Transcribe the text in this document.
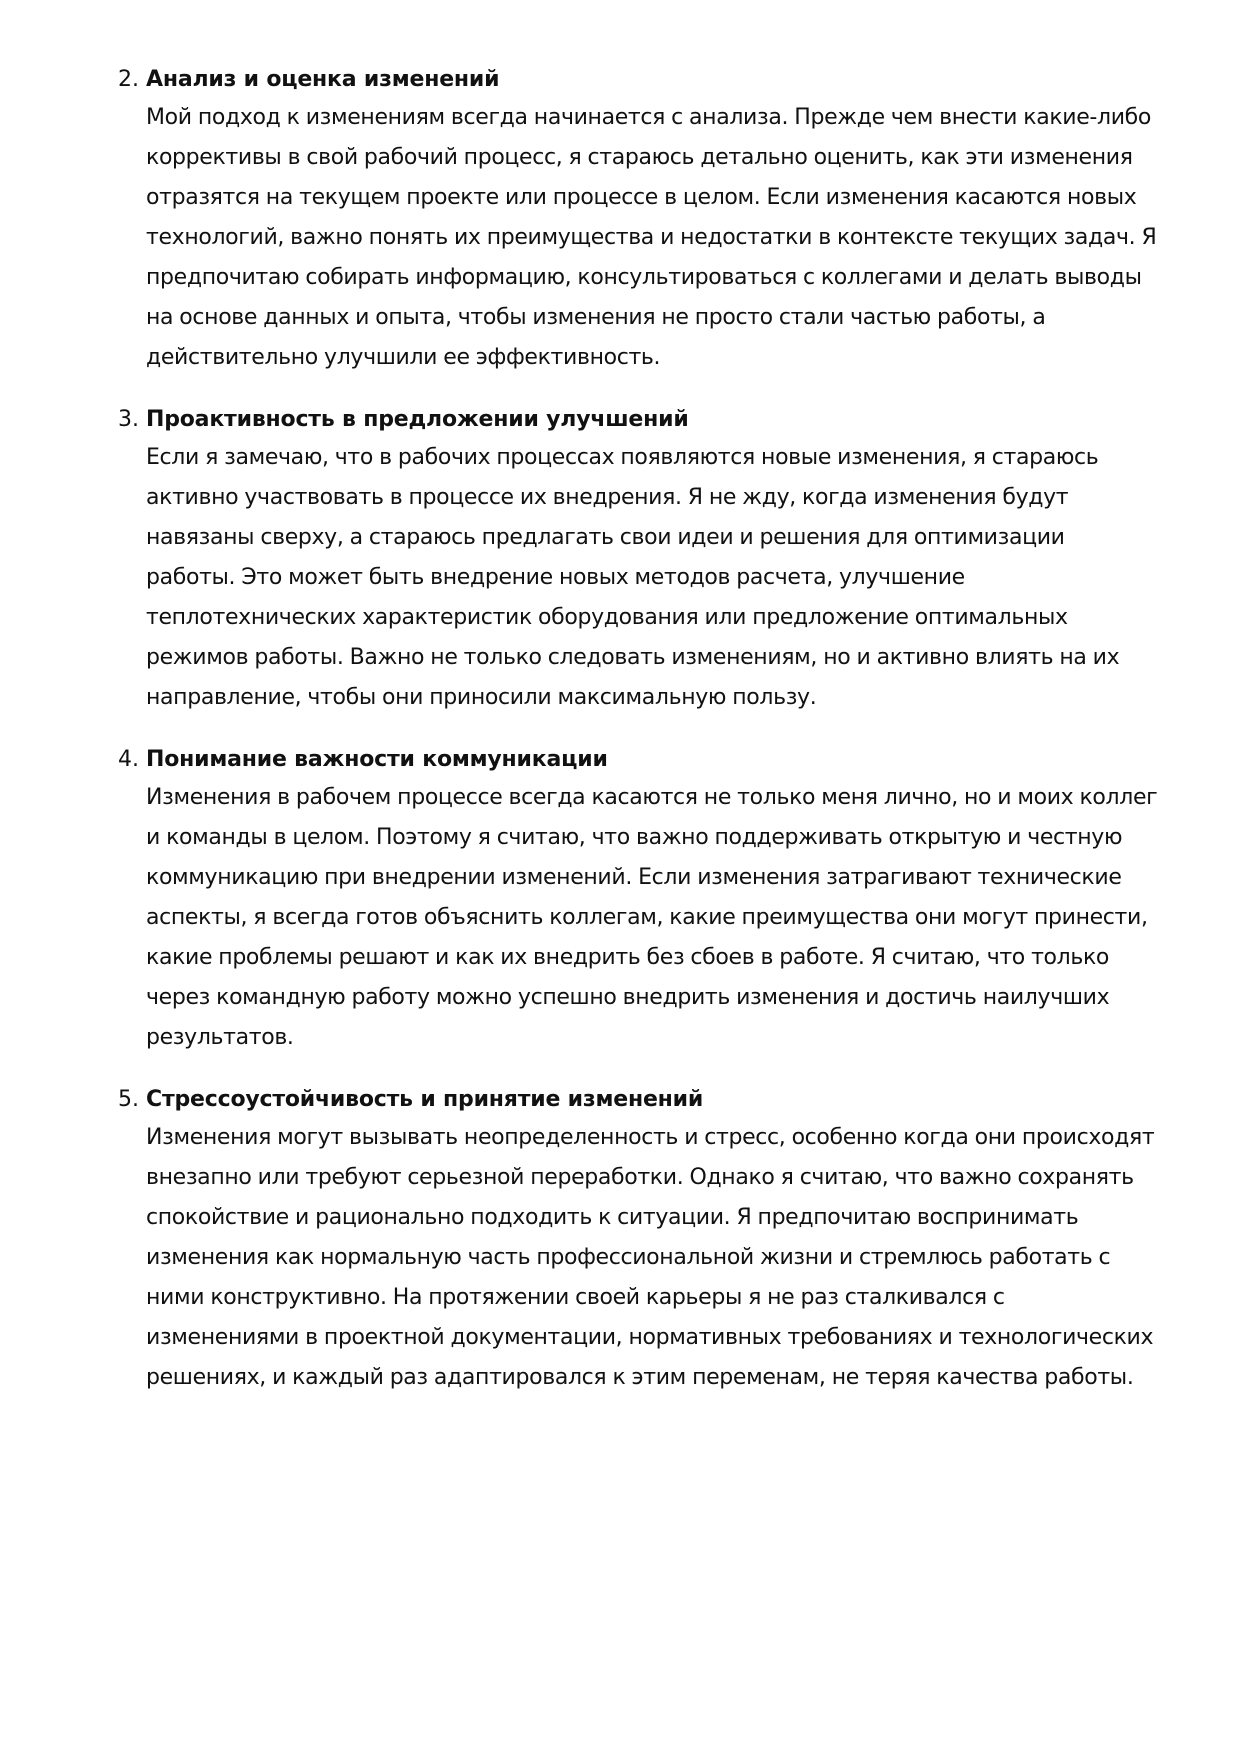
2. Анализ и оценка изменений
Мой подход к изменениям всегда начинается с анализа. Прежде чем внести какие-либо коррективы в свой рабочий процесс, я стараюсь детально оценить, как эти изменения отразятся на текущем проекте или процессе в целом. Если изменения касаются новых технологий, важно понять их преимущества и недостатки в контексте текущих задач. Я предпочитаю собирать информацию, консультироваться с коллегами и делать выводы на основе данных и опыта, чтобы изменения не просто стали частью работы, а действительно улучшили ее эффективность.
3. Проактивность в предложении улучшений
Если я замечаю, что в рабочих процессах появляются новые изменения, я стараюсь активно участвовать в процессе их внедрения. Я не жду, когда изменения будут навязаны сверху, а стараюсь предлагать свои идеи и решения для оптимизации работы. Это может быть внедрение новых методов расчета, улучшение теплотехнических характеристик оборудования или предложение оптимальных режимов работы. Важно не только следовать изменениям, но и активно влиять на их направление, чтобы они приносили максимальную пользу.
4. Понимание важности коммуникации
Изменения в рабочем процессе всегда касаются не только меня лично, но и моих коллег и команды в целом. Поэтому я считаю, что важно поддерживать открытую и честную коммуникацию при внедрении изменений. Если изменения затрагивают технические аспекты, я всегда готов объяснить коллегам, какие преимущества они могут принести, какие проблемы решают и как их внедрить без сбоев в работе. Я считаю, что только через командную работу можно успешно внедрить изменения и достичь наилучших результатов.
5. Стрессоустойчивость и принятие изменений
Изменения могут вызывать неопределенность и стресс, особенно когда они происходят внезапно или требуют серьезной переработки. Однако я считаю, что важно сохранять спокойствие и рационально подходить к ситуации. Я предпочитаю воспринимать изменения как нормальную часть профессиональной жизни и стремлюсь работать с ними конструктивно. На протяжении своей карьеры я не раз сталкивался с изменениями в проектной документации, нормативных требованиях и технологических решениях, и каждый раз адаптировался к этим переменам, не теряя качества работы.
